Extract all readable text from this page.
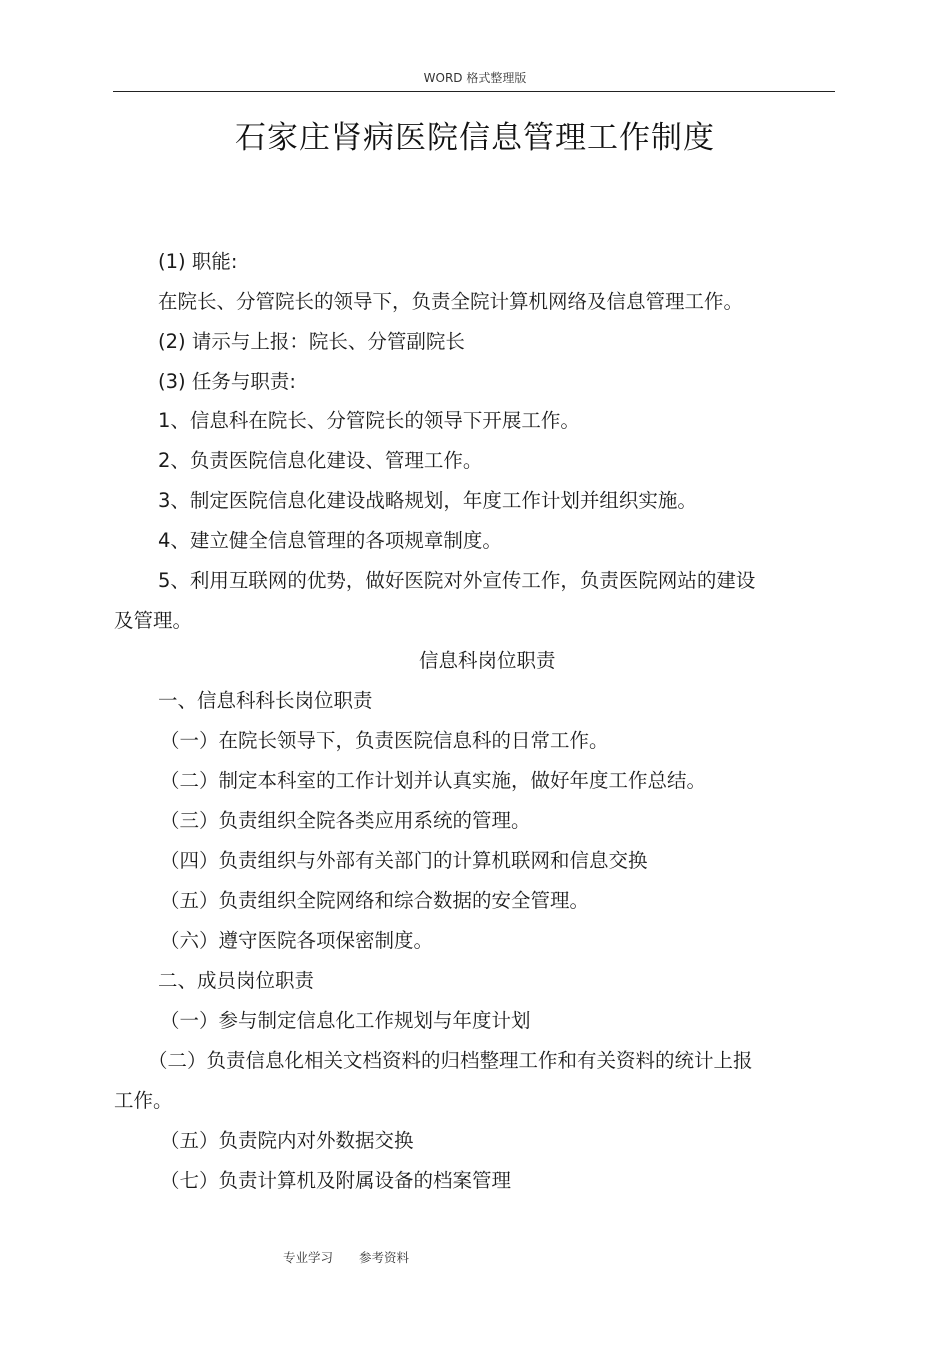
WORD 格式整理版
石家庄肾病医院信息管理工作制度
(1) 职能:
在院长、分管院长的领导下，负责全院计算机网络及信息管理工作。
(2) 请示与上报：院长、分管副院长
(3) 任务与职责:
1、信息科在院长、分管院长的领导下开展工作。
2、负责医院信息化建设、管理工作。
3、制定医院信息化建设战略规划，年度工作计划并组织实施。
4、建立健全信息管理的各项规章制度。
5、利用互联网的优势，做好医院对外宣传工作，负责医院网站的建设
及管理。
信息科岗位职责
一、信息科科长岗位职责
（一）在院长领导下，负责医院信息科的日常工作。
（二）制定本科室的工作计划并认真实施，做好年度工作总结。
（三）负责组织全院各类应用系统的管理。
（四）负责组织与外部有关部门的计算机联网和信息交换
（五）负责组织全院网络和综合数据的安全管理。
（六）遵守医院各项保密制度。
二、成员岗位职责
（一）参与制定信息化工作规划与年度计划
（二）负责信息化相关文档资料的归档整理工作和有关资料的统计上报
工作。
（五）负责院内对外数据交换
（七）负责计算机及附属设备的档案管理
专业学习 参考资料
